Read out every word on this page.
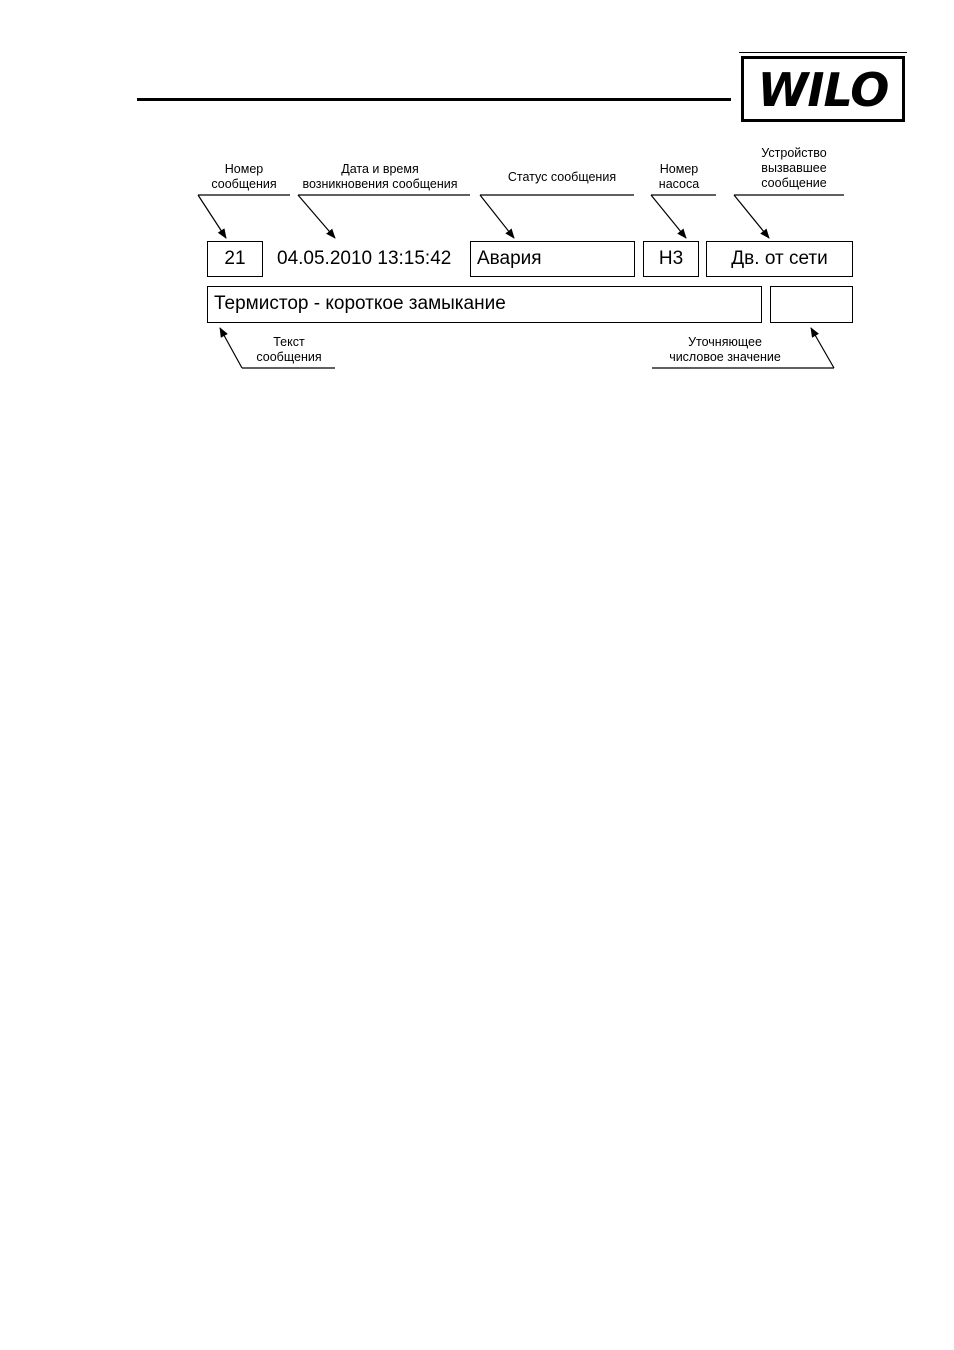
WILO
Номер
сообщения
Дата и время
возникновения сообщения	Статус сообщения
Номер
насоса
Устройство
вызвавшее
сообщение
21	04.05.2010 13:15:42	Авария	Н3	Дв. от сети
Термистор - короткое замыкание
Текст
сообщения
Уточняющее
числовое значение
